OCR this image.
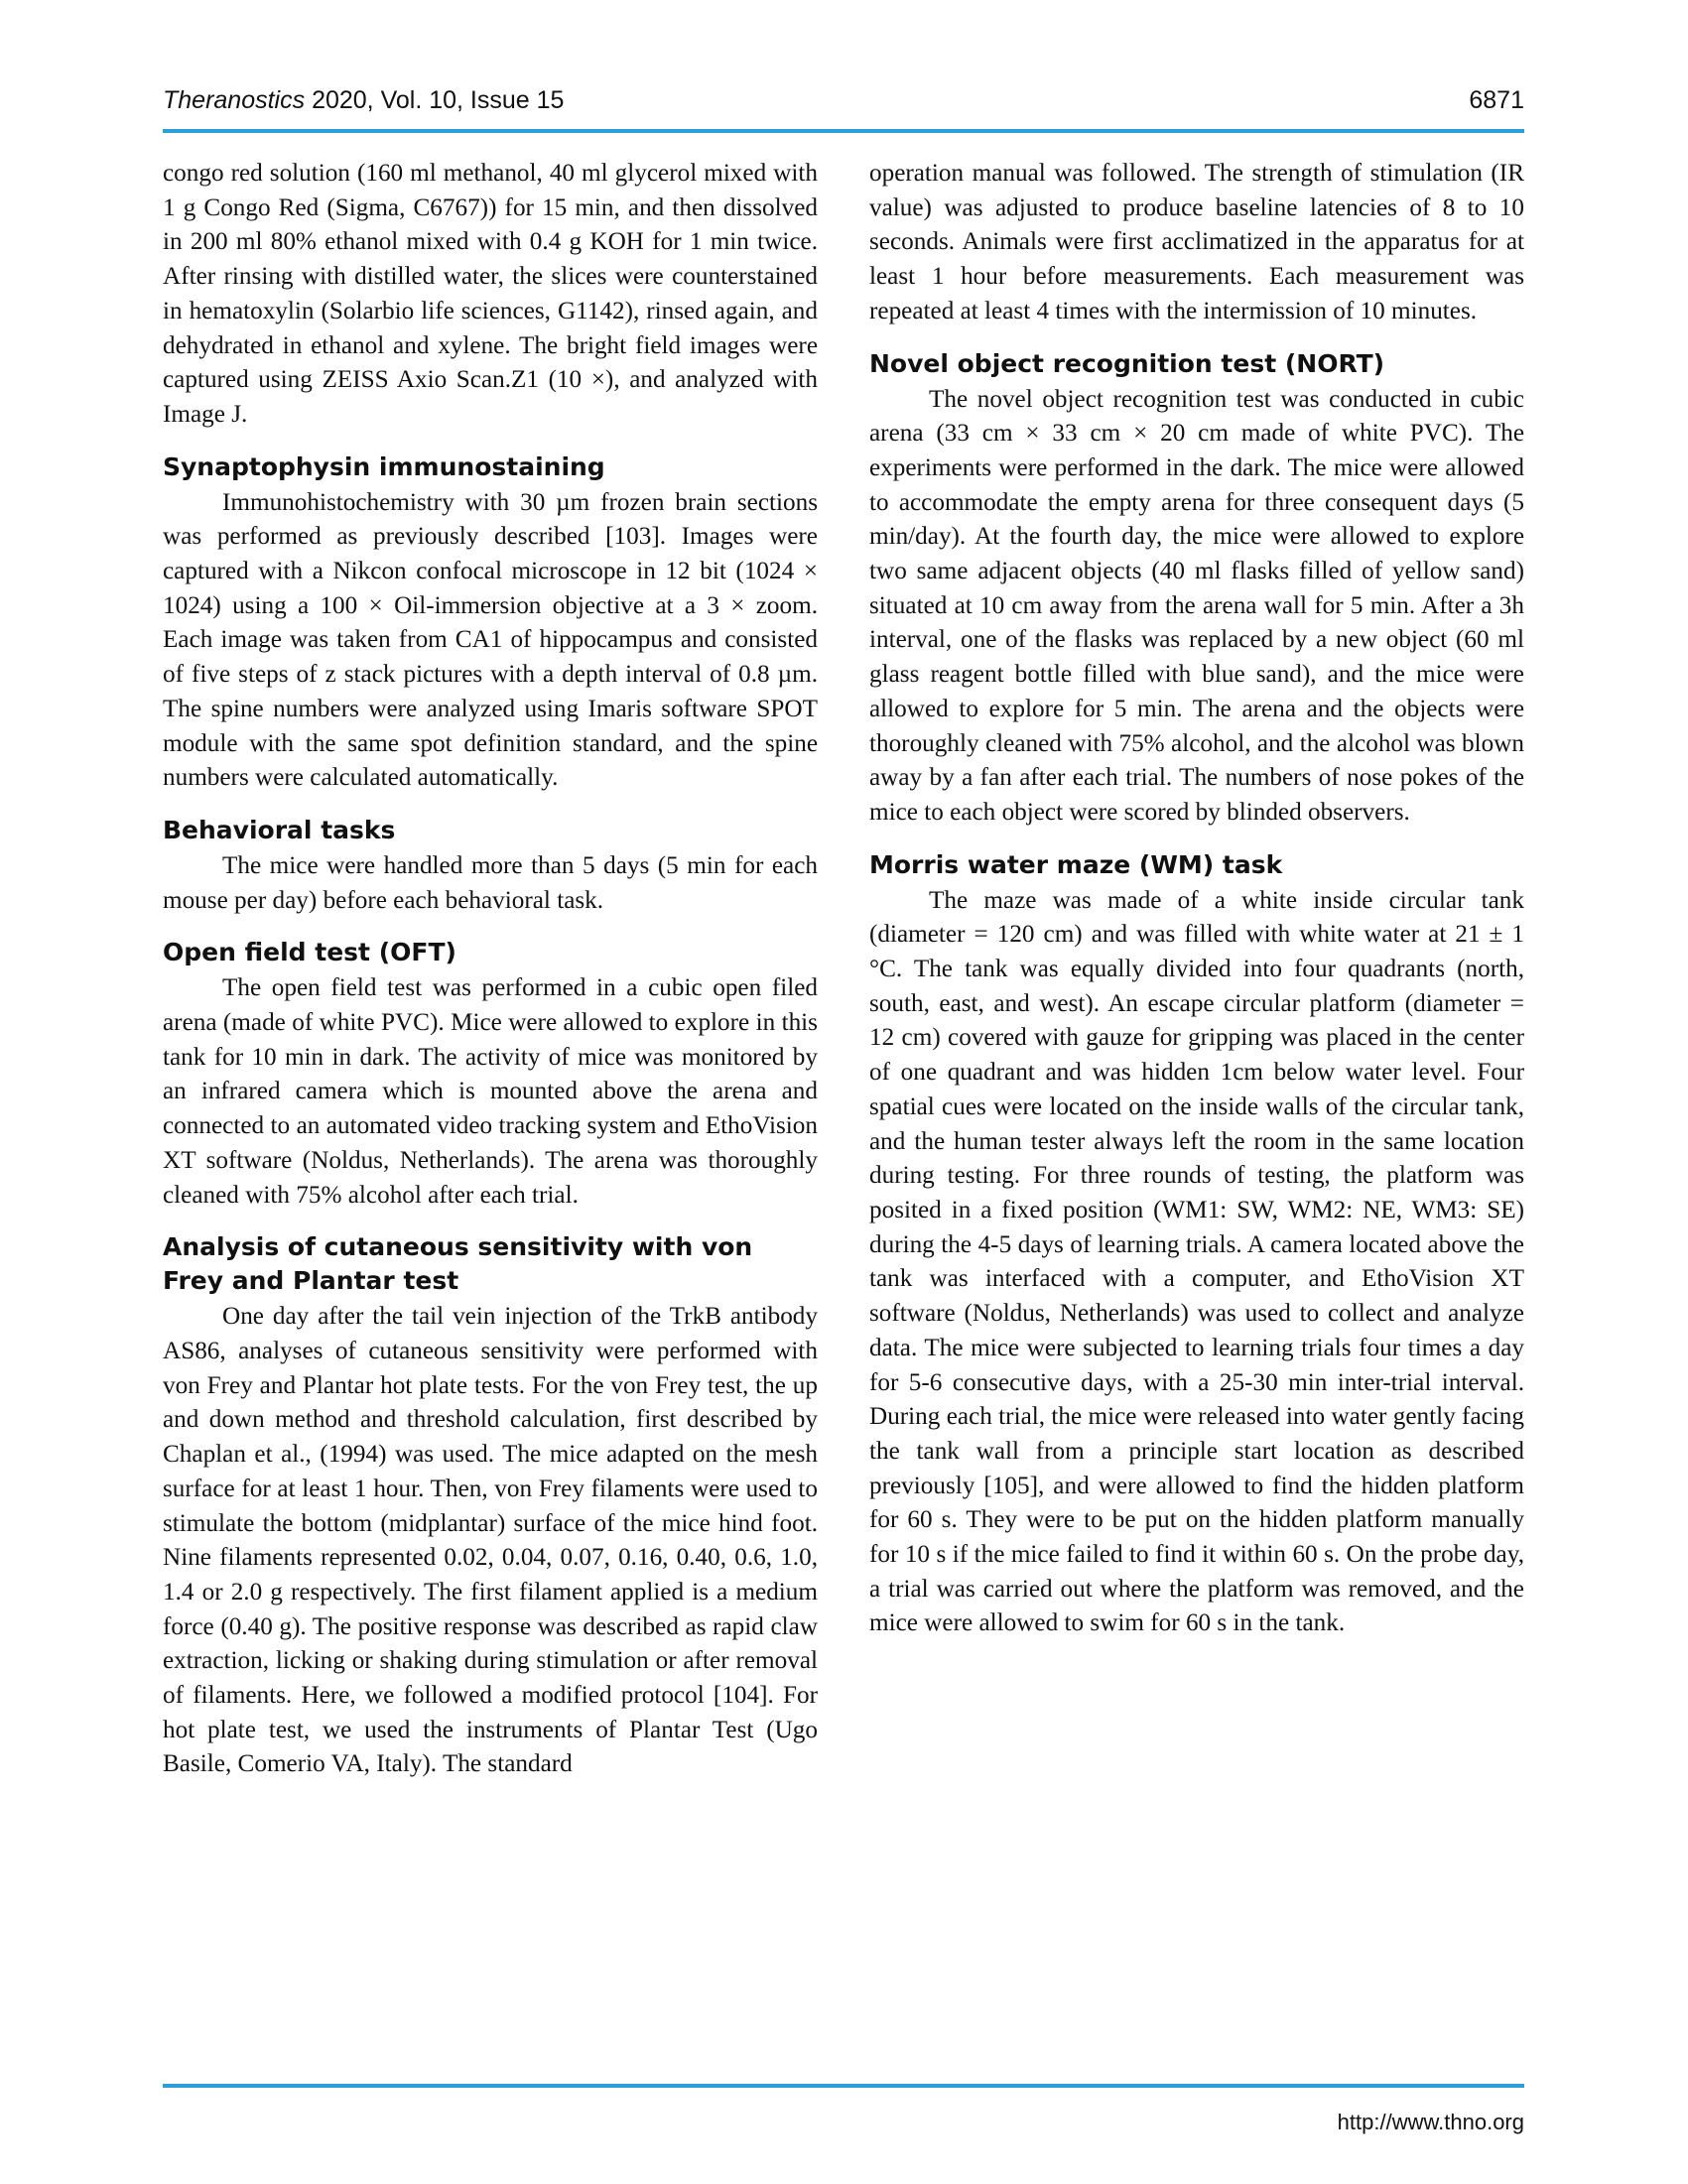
Theranostics 2020, Vol. 10, Issue 15	6871

congo red solution (160 ml methanol, 40 ml glycerol mixed with 1 g Congo Red (Sigma, C6767)) for 15 min, and then dissolved in 200 ml 80% ethanol mixed with 0.4 g KOH for 1 min twice. After rinsing with distilled water, the slices were counterstained in hematoxylin (Solarbio life sciences, G1142), rinsed again, and dehydrated in ethanol and xylene. The bright field images were captured using ZEISS Axio Scan.Z1 (10 ×), and analyzed with Image J.

Synaptophysin immunostaining

Immunohistochemistry with 30 µm frozen brain sections was performed as previously described [103]. Images were captured with a Nikcon confocal microscope in 12 bit (1024 × 1024) using a 100 × Oil-immersion objective at a 3 × zoom. Each image was taken from CA1 of hippocampus and consisted of five steps of z stack pictures with a depth interval of 0.8 µm. The spine numbers were analyzed using Imaris software SPOT module with the same spot definition standard, and the spine numbers were calculated automatically.

Behavioral tasks

The mice were handled more than 5 days (5 min for each mouse per day) before each behavioral task.

Open field test (OFT)

The open field test was performed in a cubic open filed arena (made of white PVC). Mice were allowed to explore in this tank for 10 min in dark. The activity of mice was monitored by an infrared camera which is mounted above the arena and connected to an automated video tracking system and EthoVision XT software (Noldus, Netherlands). The arena was thoroughly cleaned with 75% alcohol after each trial.

Analysis of cutaneous sensitivity with von Frey and Plantar test

One day after the tail vein injection of the TrkB antibody AS86, analyses of cutaneous sensitivity were performed with von Frey and Plantar hot plate tests. For the von Frey test, the up and down method and threshold calculation, first described by Chaplan et al., (1994) was used. The mice adapted on the mesh surface for at least 1 hour. Then, von Frey filaments were used to stimulate the bottom (midplantar) surface of the mice hind foot. Nine filaments represented 0.02, 0.04, 0.07, 0.16, 0.40, 0.6, 1.0, 1.4 or 2.0 g respectively. The first filament applied is a medium force (0.40 g). The positive response was described as rapid claw extraction, licking or shaking during stimulation or after removal of filaments. Here, we followed a modified protocol [104]. For hot plate test, we used the instruments of Plantar Test (Ugo Basile, Comerio VA, Italy). The standard

operation manual was followed. The strength of stimulation (IR value) was adjusted to produce baseline latencies of 8 to 10 seconds. Animals were first acclimatized in the apparatus for at least 1 hour before measurements. Each measurement was repeated at least 4 times with the intermission of 10 minutes.

Novel object recognition test (NORT)

The novel object recognition test was conducted in cubic arena (33 cm × 33 cm × 20 cm made of white PVC). The experiments were performed in the dark. The mice were allowed to accommodate the empty arena for three consequent days (5 min/day). At the fourth day, the mice were allowed to explore two same adjacent objects (40 ml flasks filled of yellow sand) situated at 10 cm away from the arena wall for 5 min. After a 3h interval, one of the flasks was replaced by a new object (60 ml glass reagent bottle filled with blue sand), and the mice were allowed to explore for 5 min. The arena and the objects were thoroughly cleaned with 75% alcohol, and the alcohol was blown away by a fan after each trial. The numbers of nose pokes of the mice to each object were scored by blinded observers.

Morris water maze (WM) task

The maze was made of a white inside circular tank (diameter = 120 cm) and was filled with white water at 21 ± 1 °C. The tank was equally divided into four quadrants (north, south, east, and west). An escape circular platform (diameter = 12 cm) covered with gauze for gripping was placed in the center of one quadrant and was hidden 1cm below water level. Four spatial cues were located on the inside walls of the circular tank, and the human tester always left the room in the same location during testing. For three rounds of testing, the platform was posited in a fixed position (WM1: SW, WM2: NE, WM3: SE) during the 4-5 days of learning trials. A camera located above the tank was interfaced with a computer, and EthoVision XT software (Noldus, Netherlands) was used to collect and analyze data. The mice were subjected to learning trials four times a day for 5-6 consecutive days, with a 25-30 min inter-trial interval. During each trial, the mice were released into water gently facing the tank wall from a principle start location as described previously [105], and were allowed to find the hidden platform for 60 s. They were to be put on the hidden platform manually for 10 s if the mice failed to find it within 60 s. On the probe day, a trial was carried out where the platform was removed, and the mice were allowed to swim for 60 s in the tank.

http://www.thno.org
